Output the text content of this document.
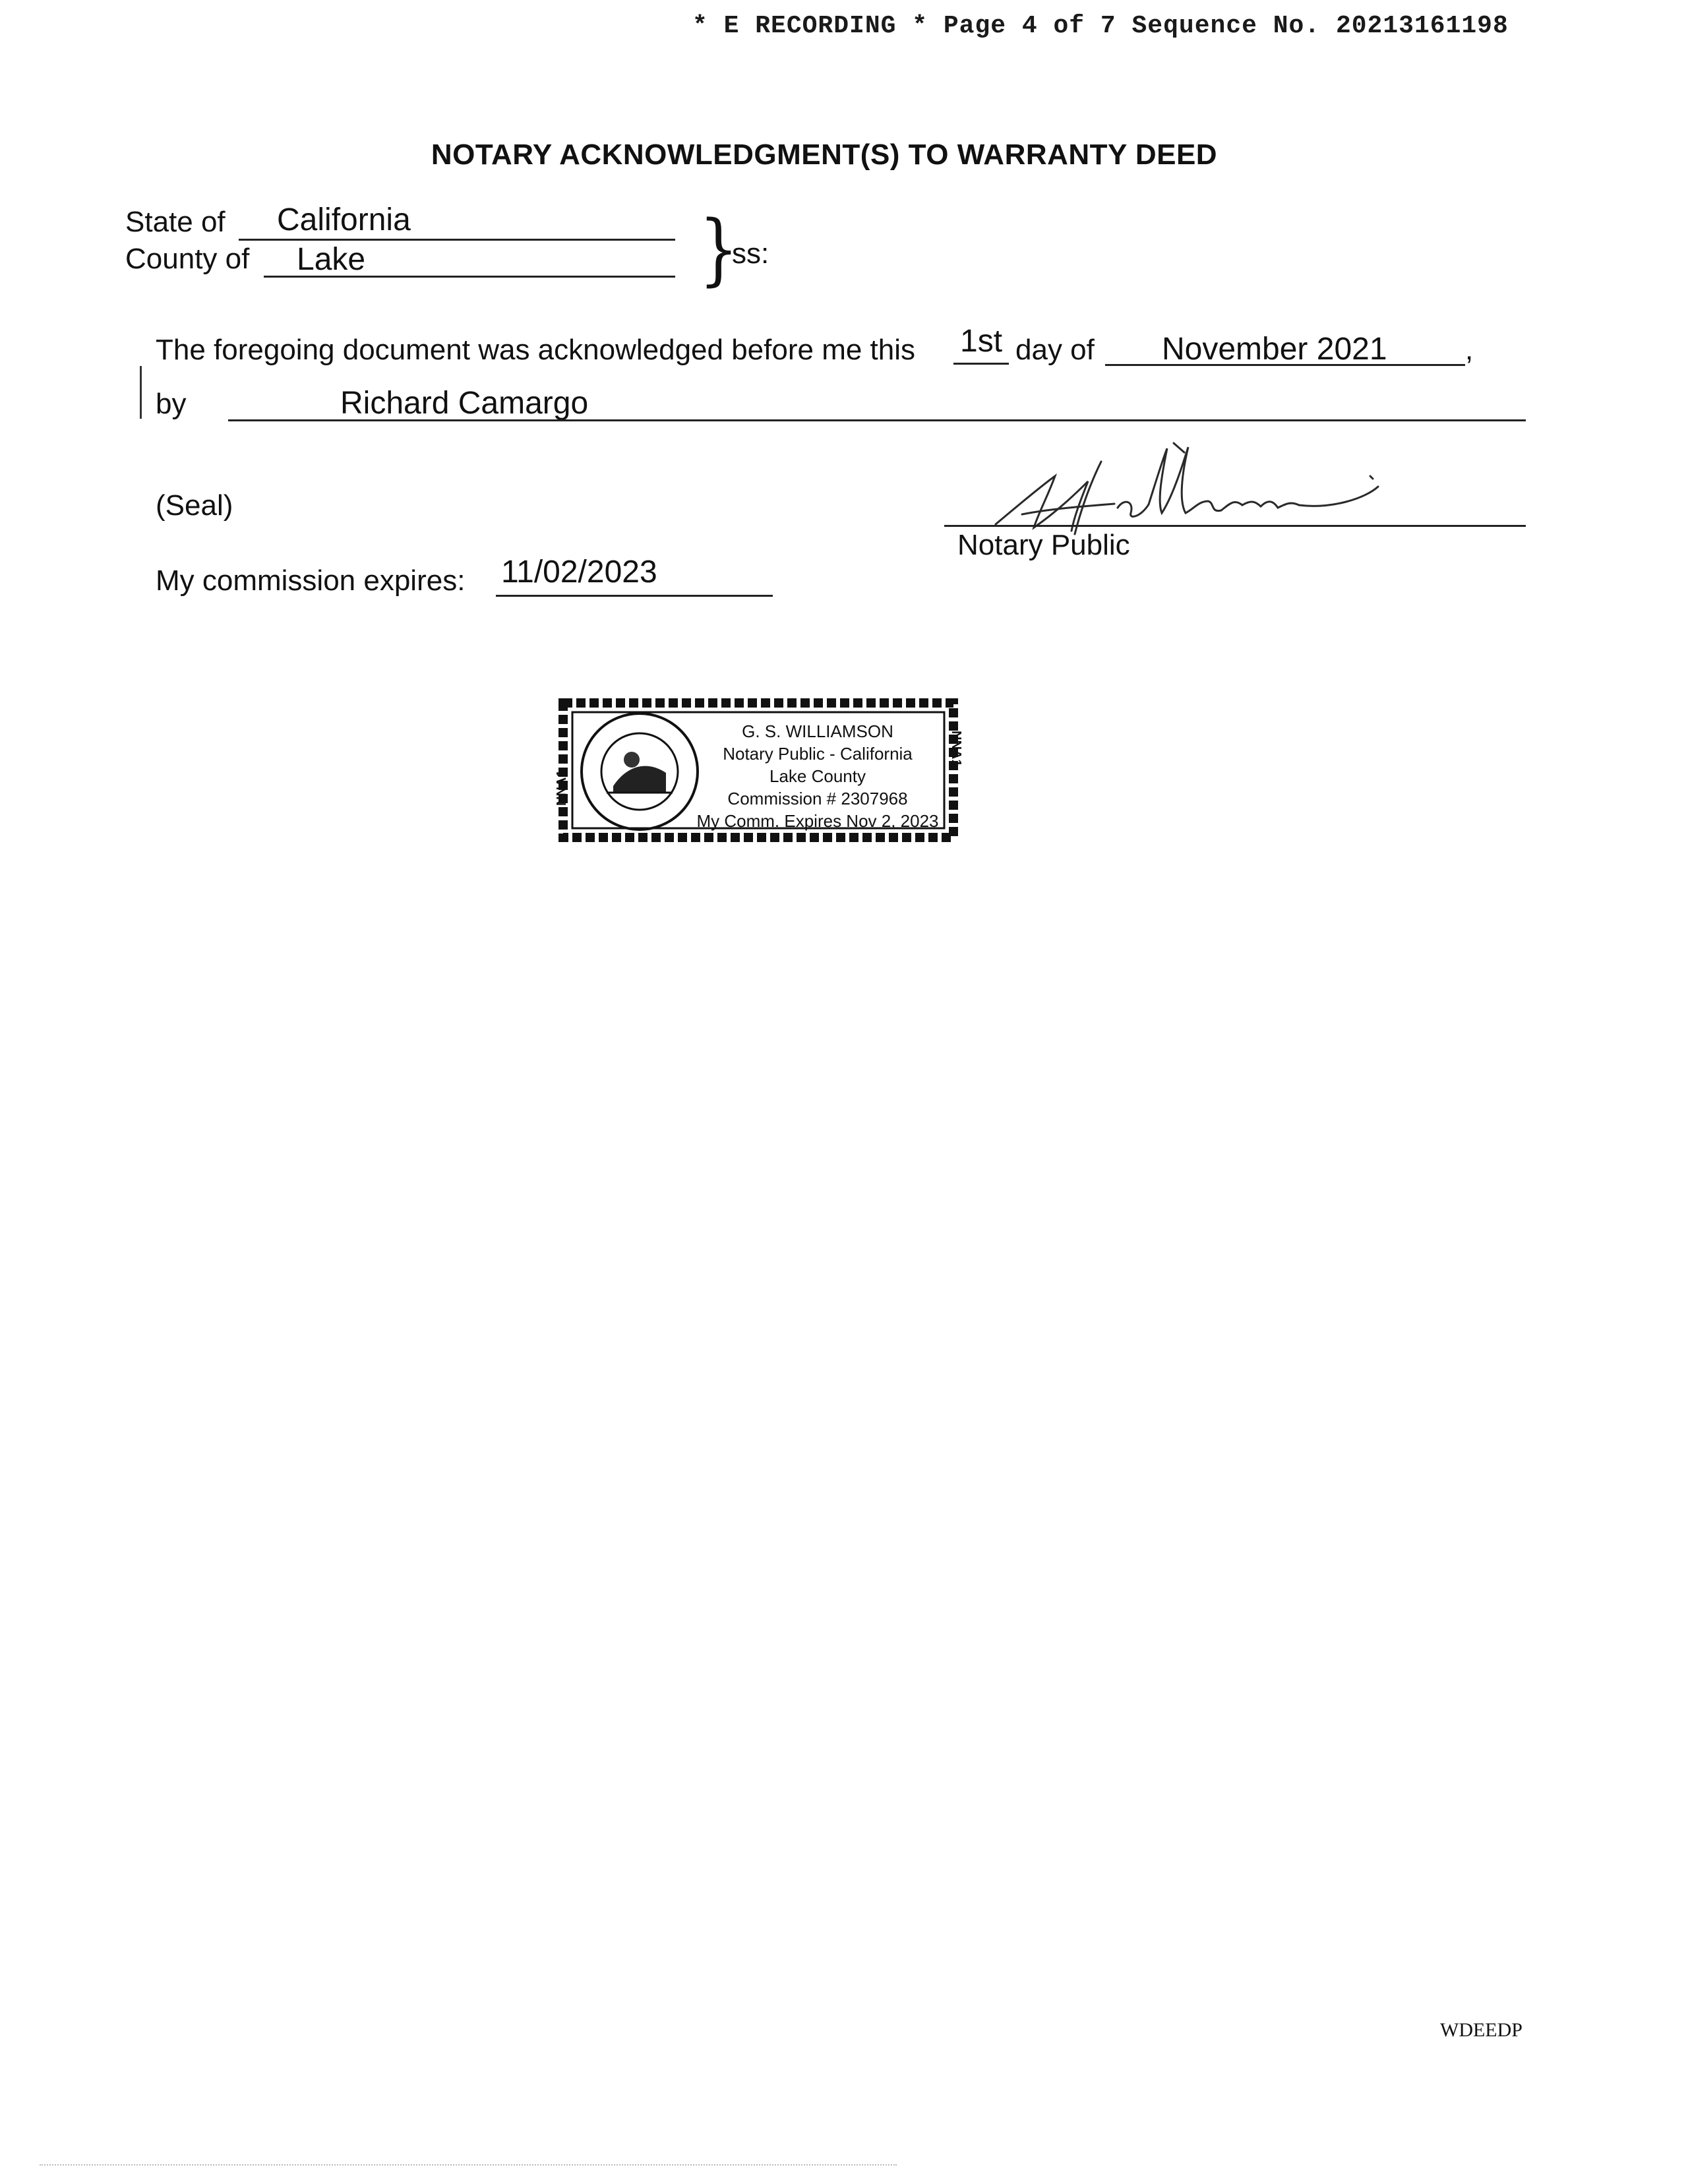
* E RECORDING * Page 4 of 7 Sequence No. 20213161198
NOTARY ACKNOWLEDGMENT(S) TO WARRANTY DEED
State of California
County of Lake	}
ss:
The foregoing document was acknowledged before me this 1st day of November 2021	,
by	Richard Camargo
(Seal)
Notary Public
My commission expires: 11/02/2023
G. S. WILLIAMSON
Notary Public - California
Lake County
Commission # 2307968
My Comm. Expires Nov 2, 2023
NNA1
NNA1
WDEEDP
